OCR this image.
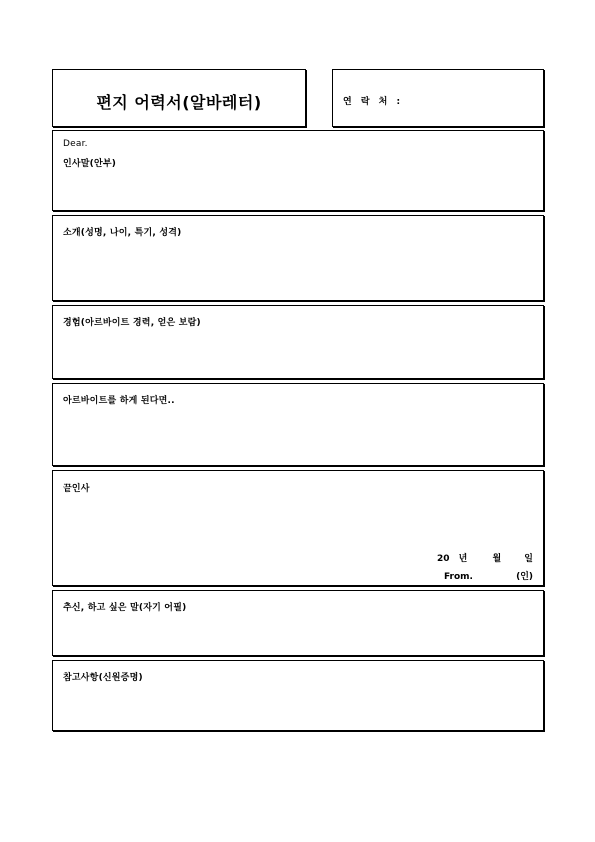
편지 어력서(알바레터)	연 락 처 :
Dear.
인사말(안부)
소개(성명, 나이, 특기, 성격)
경험(아르바이트 경력, 얻은 보람)
아르바이트를 하게 된다면..
끝인사
20 년	월	일
From.	(인)
추신, 하고 싶은 말(자기 어필)
참고사항(신원증명)
